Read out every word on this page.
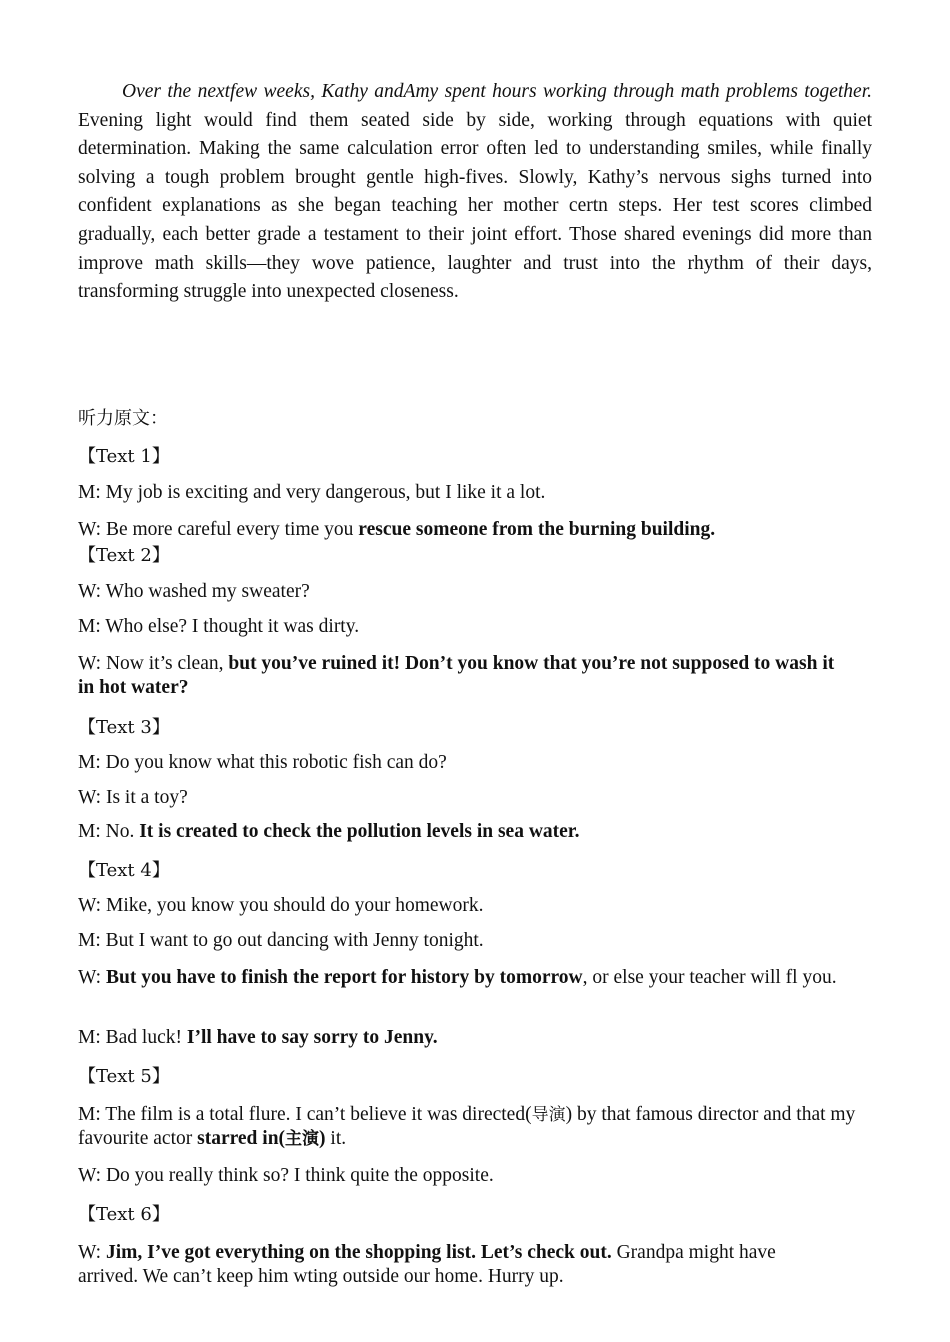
Over the nextfew weeks, Kathy andAmy spent hours working through math problems together. Evening light would find them seated side by side, working through equations with quiet determination. Making the same calculation error often led to understanding smiles, while finally solving a tough problem brought gentle high-fives. Slowly, Kathy’s nervous sighs turned into confident explanations as she began teaching her mother certn steps. Her test scores climbed gradually, each better grade a testament to their joint effort. Those shared evenings did more than improve math skills—they wove patience, laughter and trust into the rhythm of their days, transforming struggle into unexpected closeness.

听力原文：

【Text 1】

M: My job is exciting and very dangerous, but I like it a lot.

W: Be more careful every time you rescue someone from the burning building.

【Text 2】

W: Who washed my sweater?

M: Who else? I thought it was dirty.

W: Now it’s clean, but you’ve ruined it! Don’t you know that you’re not supposed to wash it in hot water?

【Text 3】

M: Do you know what this robotic fish can do?

W: Is it a toy?

M: No. It is created to check the pollution levels in sea water.

【Text 4】

W: Mike, you know you should do your homework.

M: But I want to go out dancing with Jenny tonight.

W: But you have to finish the report for history by tomorrow, or else your teacher will fl you.

M: Bad luck! I’ll have to say sorry to Jenny.

【Text 5】

M: The film is a total flure. I can’t believe it was directed(导演) by that famous director and that my favourite actor starred in(主演) it.

W: Do you really think so? I think quite the opposite.

【Text 6】

W: Jim, I’ve got everything on the shopping list. Let’s check out. Grandpa might have arrived. We can’t keep him wting outside our home. Hurry up.
